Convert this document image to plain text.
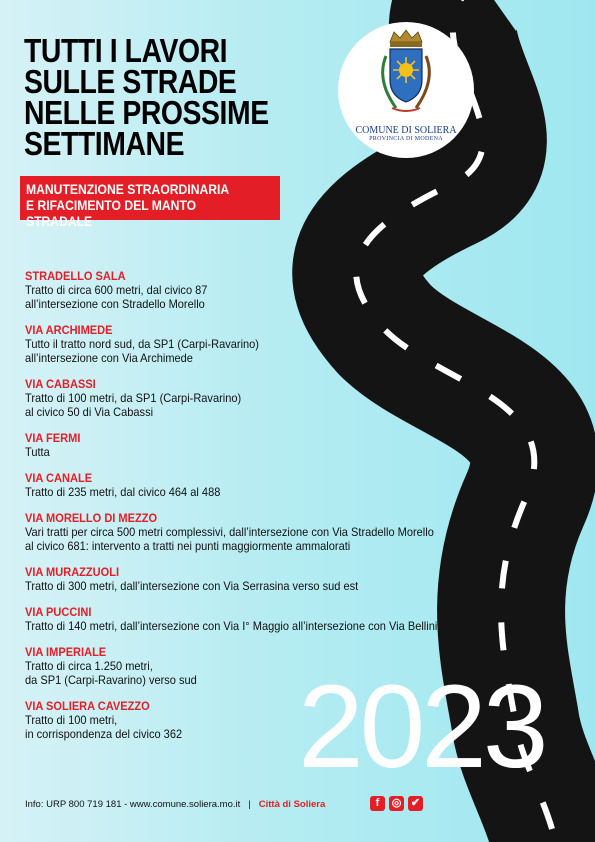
TUTTI I LAVORI
SULLE STRADE
NELLE PROSSIME
SETTIMANE
MANUTENZIONE STRAORDINARIA
E RIFACIMENTO DEL MANTO STRADALE
COMUNE DI SOLIERA
PROVINCIA DI MODENA
STRADELLO SALA
Tratto di circa 600 metri, dal civico 87
all’intersezione con Stradello Morello
VIA ARCHIMEDE
Tutto il tratto nord sud, da SP1 (Carpi-Ravarino)
all’intersezione con Via Archimede
VIA CABASSI
Tratto di 100 metri, da SP1 (Carpi-Ravarino)
al civico 50 di Via Cabassi
VIA FERMI
Tutta
VIA CANALE
Tratto di 235 metri, dal civico 464 al 488
VIA MORELLO DI MEZZO
Vari tratti per circa 500 metri complessivi, dall’intersezione con Via Stradello Morello
al civico 681: intervento a tratti nei punti maggiormente ammalorati
VIA MURAZZUOLI
Tratto di 300 metri, dall’intersezione con Via Serrasina verso sud est
VIA PUCCINI
Tratto di 140 metri, dall’intersezione con Via I° Maggio all’intersezione con Via Bellini
VIA IMPERIALE
Tratto di circa 1.250 metri,
da SP1 (Carpi-Ravarino) verso sud
VIA SOLIERA CAVEZZO
Tratto di 100 metri,
in corrispondenza del civico 362 2023
Info: URP 800 719 181 - www.comune.soliera.mo.it | Città di Soliera	f	◎ ✔
